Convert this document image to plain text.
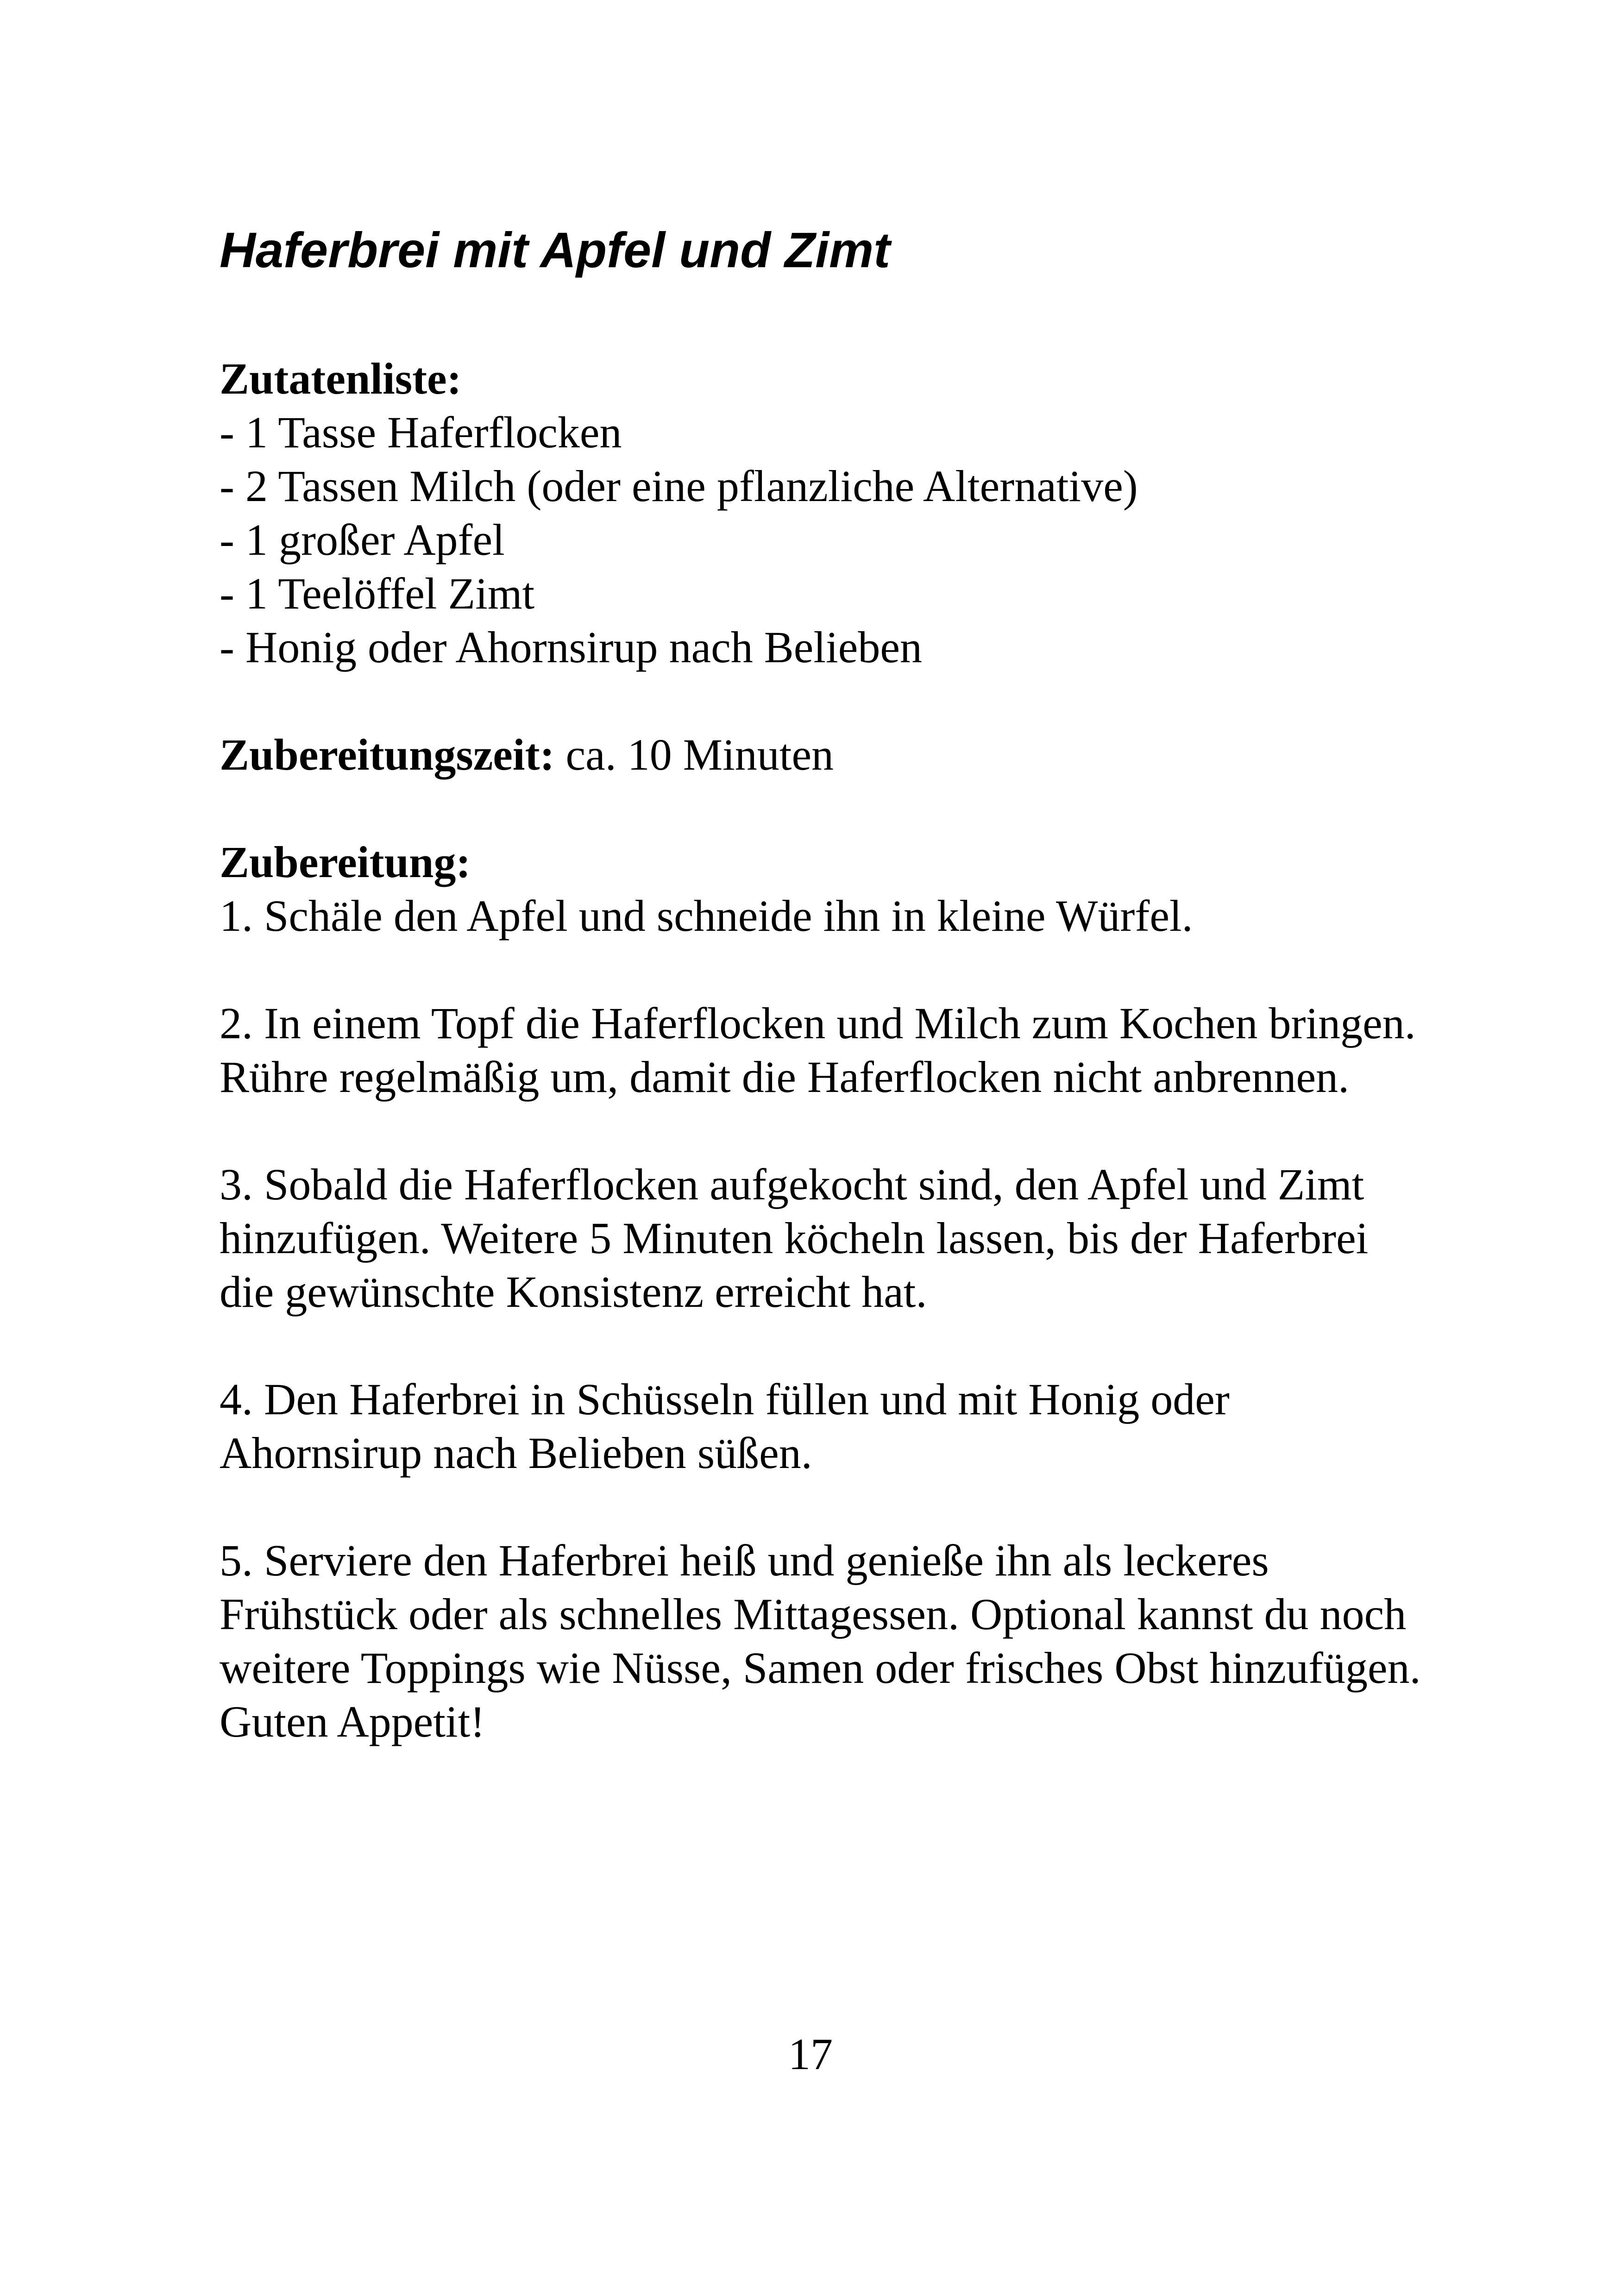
Haferbrei mit Apfel und Zimt
Zutatenliste:
- 1 Tasse Haferflocken
- 2 Tassen Milch (oder eine pflanzliche Alternative)
- 1 großer Apfel
- 1 Teelöffel Zimt
- Honig oder Ahornsirup nach Belieben
Zubereitungszeit: ca. 10 Minuten
Zubereitung:
1. Schäle den Apfel und schneide ihn in kleine Würfel.
2. In einem Topf die Haferflocken und Milch zum Kochen bringen. Rühre regelmäßig um, damit die Haferflocken nicht anbrennen.
3. Sobald die Haferflocken aufgekocht sind, den Apfel und Zimt hinzufügen. Weitere 5 Minuten köcheln lassen, bis der Haferbrei die gewünschte Konsistenz erreicht hat.
4. Den Haferbrei in Schüsseln füllen und mit Honig oder Ahornsirup nach Belieben süßen.
5. Serviere den Haferbrei heiß und genieße ihn als leckeres Frühstück oder als schnelles Mittagessen. Optional kannst du noch weitere Toppings wie Nüsse, Samen oder frisches Obst hinzufügen. Guten Appetit!
17
